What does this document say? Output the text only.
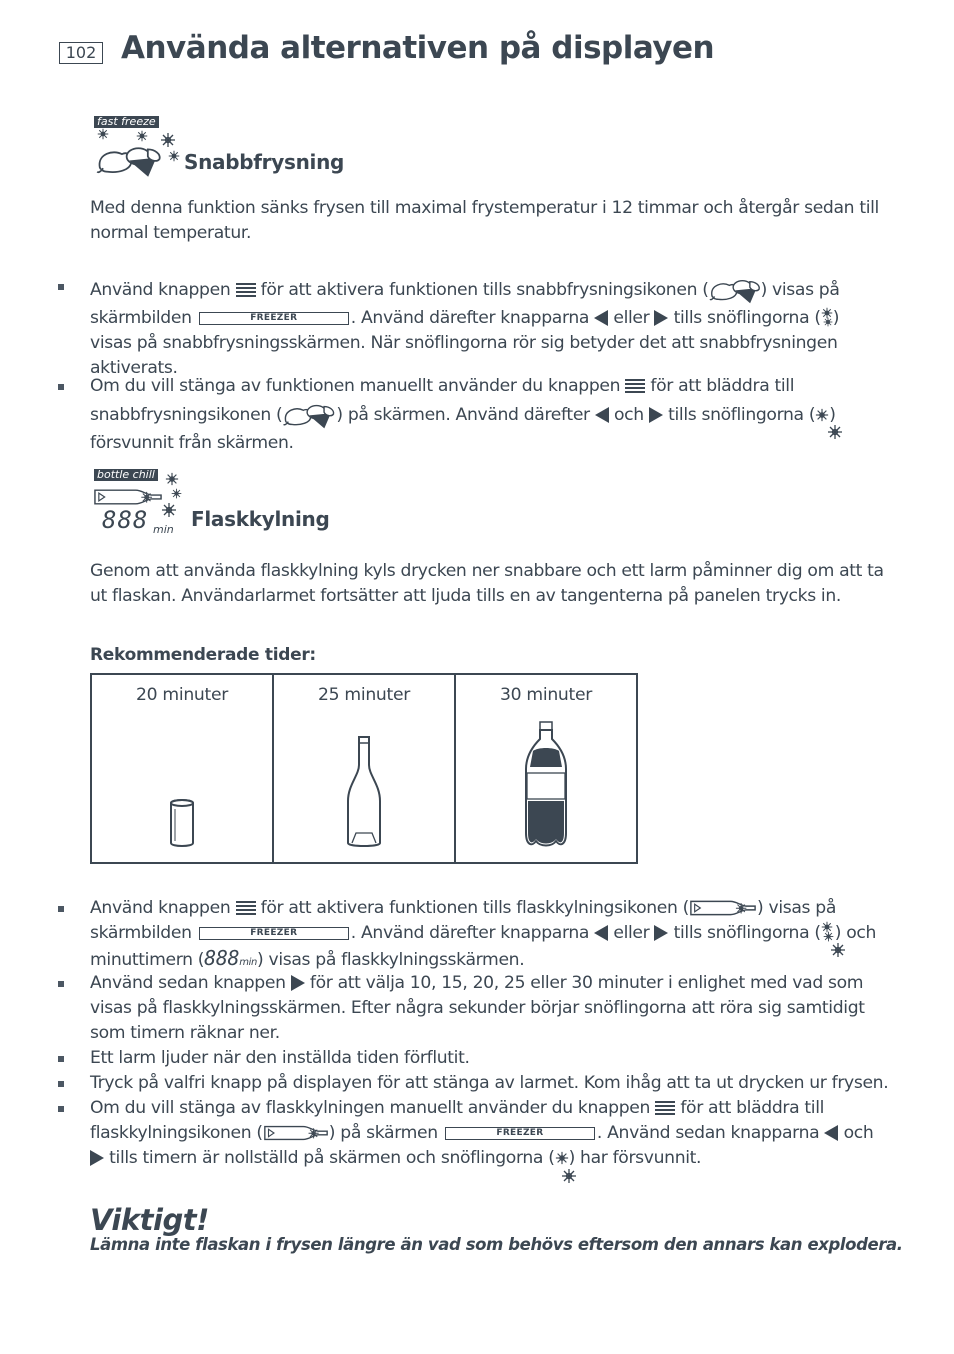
102 Använda alternativen på displayen
fast freeze
Snabbfrysning
Med denna funktion sänks frysen till maximal frystemperatur i 12 timmar och återgår sedan till normal temperatur.
Använd knappen för att aktivera funktionen tills snabbfrysningsikonen (	) visas på skärmbilden	FREEZER	. Använd därefter knapparna eller tills snöflingorna ( ) visas på snabbfrysningsskärmen. När snöflingorna rör sig betyder det att snabbfrysningen aktiverats.
Om du vill stänga av funktionen manuellt använder du knappen för att bläddra till snabbfrysningsikonen (	) på skärmen. Använd därefter och tills snöflingorna ( ) försvunnit från skärmen.
bottle chill
888 min Flaskkylning
Genom att använda flaskkylning kyls drycken ner snabbare och ett larm påminner dig om att ta ut flaskan. Användarlarmet fortsätter att ljuda tills en av tangenterna på panelen trycks in.
Rekommenderade tider:
20 minuter	25 minuter	30 minuter
Använd knappen för att aktivera funktionen tills flaskkylningsikonen (	) visas på skärmbilden	FREEZER	. Använd därefter knapparna eller tills snöflingorna ( ) och minuttimern (888min) visas på flaskkylningsskärmen.
Använd sedan knappen för att välja 10, 15, 20, 25 eller 30 minuter i enlighet med vad som visas på flaskkylningsskärmen. Efter några sekunder börjar snöflingorna att röra sig samtidigt som timern räknar ner.
Ett larm ljuder när den inställda tiden förflutit.
Tryck på valfri knapp på displayen för att stänga av larmet. Kom ihåg att ta ut drycken ur frysen.
Om du vill stänga av flaskkylningen manuellt använder du knappen för att bläddra till flaskkylningsikonen (	) på skärmen	FREEZER	. Använd sedan knapparna och  tills timern är nollställd på skärmen och snöflingorna ( ) har försvunnit.
Viktigt!
Lämna inte flaskan i frysen längre än vad som behövs eftersom den annars kan explodera.
